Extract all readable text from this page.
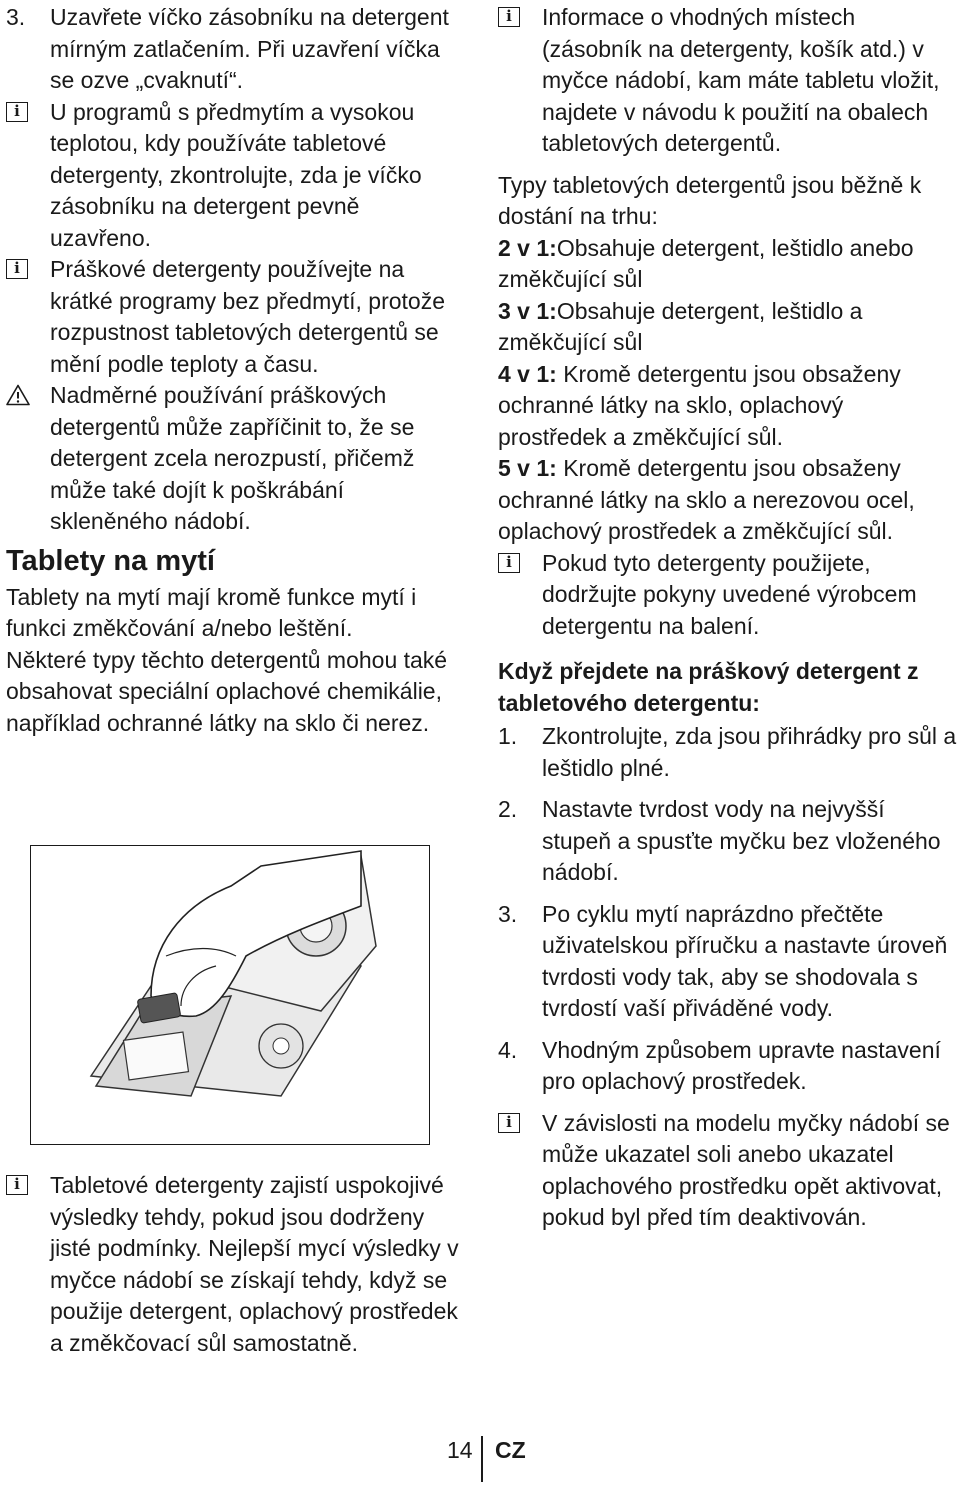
3. Uzavřete víčko zásobníku na detergent mírným zatlačením. Při uzavření víčka se ozve „cvaknutí“.

i	U programů s předmytím a vysokou teplotou, kdy používáte tabletové detergenty, zkontrolujte, zda je víčko zásobníku na detergent pevně uzavřeno.

i	Práškové detergenty používejte na krátké programy bez předmytí, protože rozpustnost tabletových detergentů se mění podle teploty a času.

Nadměrné používání práškových detergentů může zapříčinit to, že se detergent zcela nerozpustí, přičemž může také dojít k poškrábání skleněného nádobí.

Tablety na mytí

Tablety na mytí mají kromě funkce mytí i funkci změkčování a/nebo leštění.

Některé typy těchto detergentů mohou také obsahovat speciální oplachové chemikálie, například ochranné látky na sklo či nerez.

i	Tabletové detergenty zajistí uspokojivé výsledky tehdy, pokud jsou dodrženy jisté podmínky. Nejlepší mycí výsledky v myčce nádobí se získají tehdy, když se použije detergent, oplachový prostředek a změkčovací sůl samostatně.

i	Informace o vhodných místech (zásobník na detergenty, košík atd.) v myčce nádobí, kam máte tabletu vložit, najdete v návodu k použití na obalech tabletových detergentů.

Typy tabletových detergentů jsou běžně k dostání na trhu:

2 v 1:Obsahuje detergent, leštidlo anebo změkčující sůl

3 v 1:Obsahuje detergent, leštidlo a změkčující sůl

4 v 1: Kromě detergentu jsou obsaženy ochranné látky na sklo, oplachový prostředek a změkčující sůl.

5 v 1: Kromě detergentu jsou obsaženy ochranné látky na sklo a nerezovou ocel, oplachový prostředek a změkčující sůl.

i	Pokud tyto detergenty použijete, dodržujte pokyny uvedené výrobcem detergentu na balení.

Když přejdete na práškový detergent z tabletového detergentu:
1. Zkontrolujte, zda jsou přihrádky pro sůl a leštidlo plné.

2. Nastavte tvrdost vody na nejvyšší stupeň a spusťte myčku bez vloženého nádobí.

3. Po cyklu mytí naprázdno přečtěte uživatelskou příručku a nastavte úroveň tvrdosti vody tak, aby se shodovala s tvrdostí vaší přiváděné vody.

4. Vhodným způsobem upravte nastavení pro oplachový prostředek.

i	V závislosti na modelu myčky nádobí se může ukazatel soli anebo ukazatel oplachového prostředku opět aktivovat, pokud byl před tím deaktivován.

14 CZ
